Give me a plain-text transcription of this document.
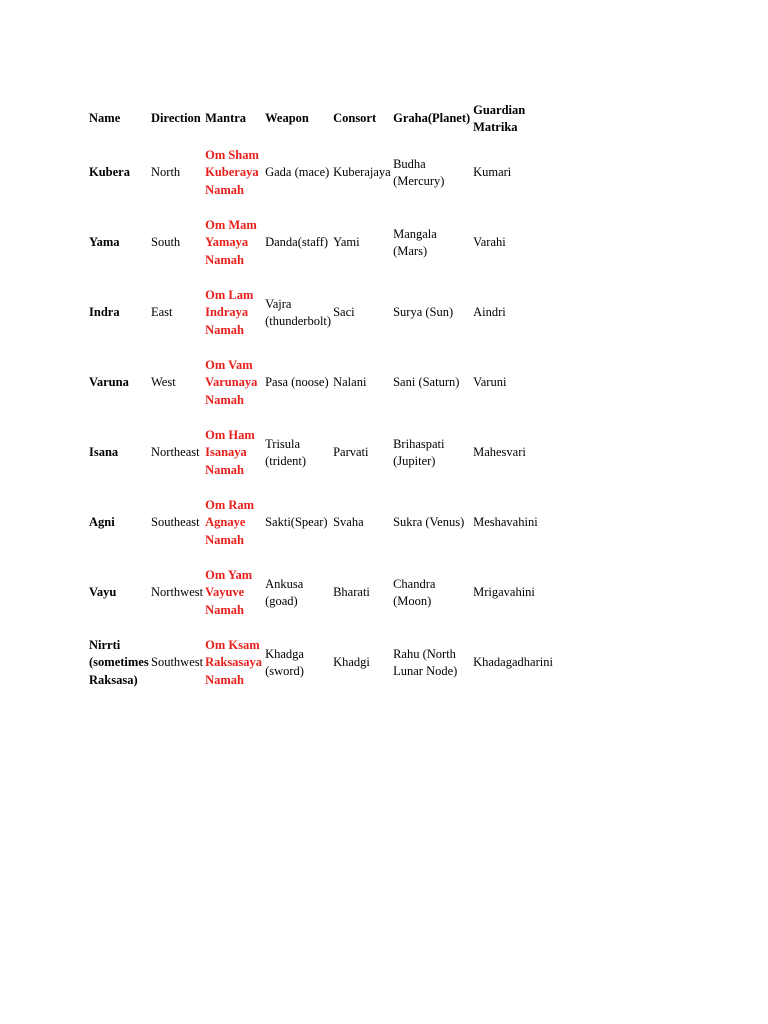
Name	Direction	Mantra	Weapon	Consort	Graha(Planet)	Guardian Matrika
Kubera	North	Om Sham Kuberaya Namah	Gada (mace)	Kuberajaya	Budha (Mercury)	Kumari
Yama	South	Om Mam Yamaya Namah	Danda(staff)	Yami	Mangala (Mars)	Varahi
Indra	East	Om Lam Indraya Namah	Vajra (thunderbolt)	Saci	Surya (Sun)	Aindri
Varuna	West	Om Vam Varunaya Namah	Pasa (noose)	Nalani	Sani (Saturn)	Varuni
Isana	Northeast	Om Ham Isanaya Namah	Trisula (trident)	Parvati	Brihaspati (Jupiter)	Mahesvari
Agni	Southeast	Om Ram Agnaye Namah	Sakti(Spear)	Svaha	Sukra (Venus)	Meshavahini
Vayu	Northwest	Om Yam Vayuve Namah	Ankusa (goad)	Bharati	Chandra (Moon)	Mrigavahini
Nirrti (sometimes Raksasa)	Southwest	Om Ksam Raksasaya Namah	Khadga (sword)	Khadgi	Rahu (North Lunar Node)	Khadagadharini
